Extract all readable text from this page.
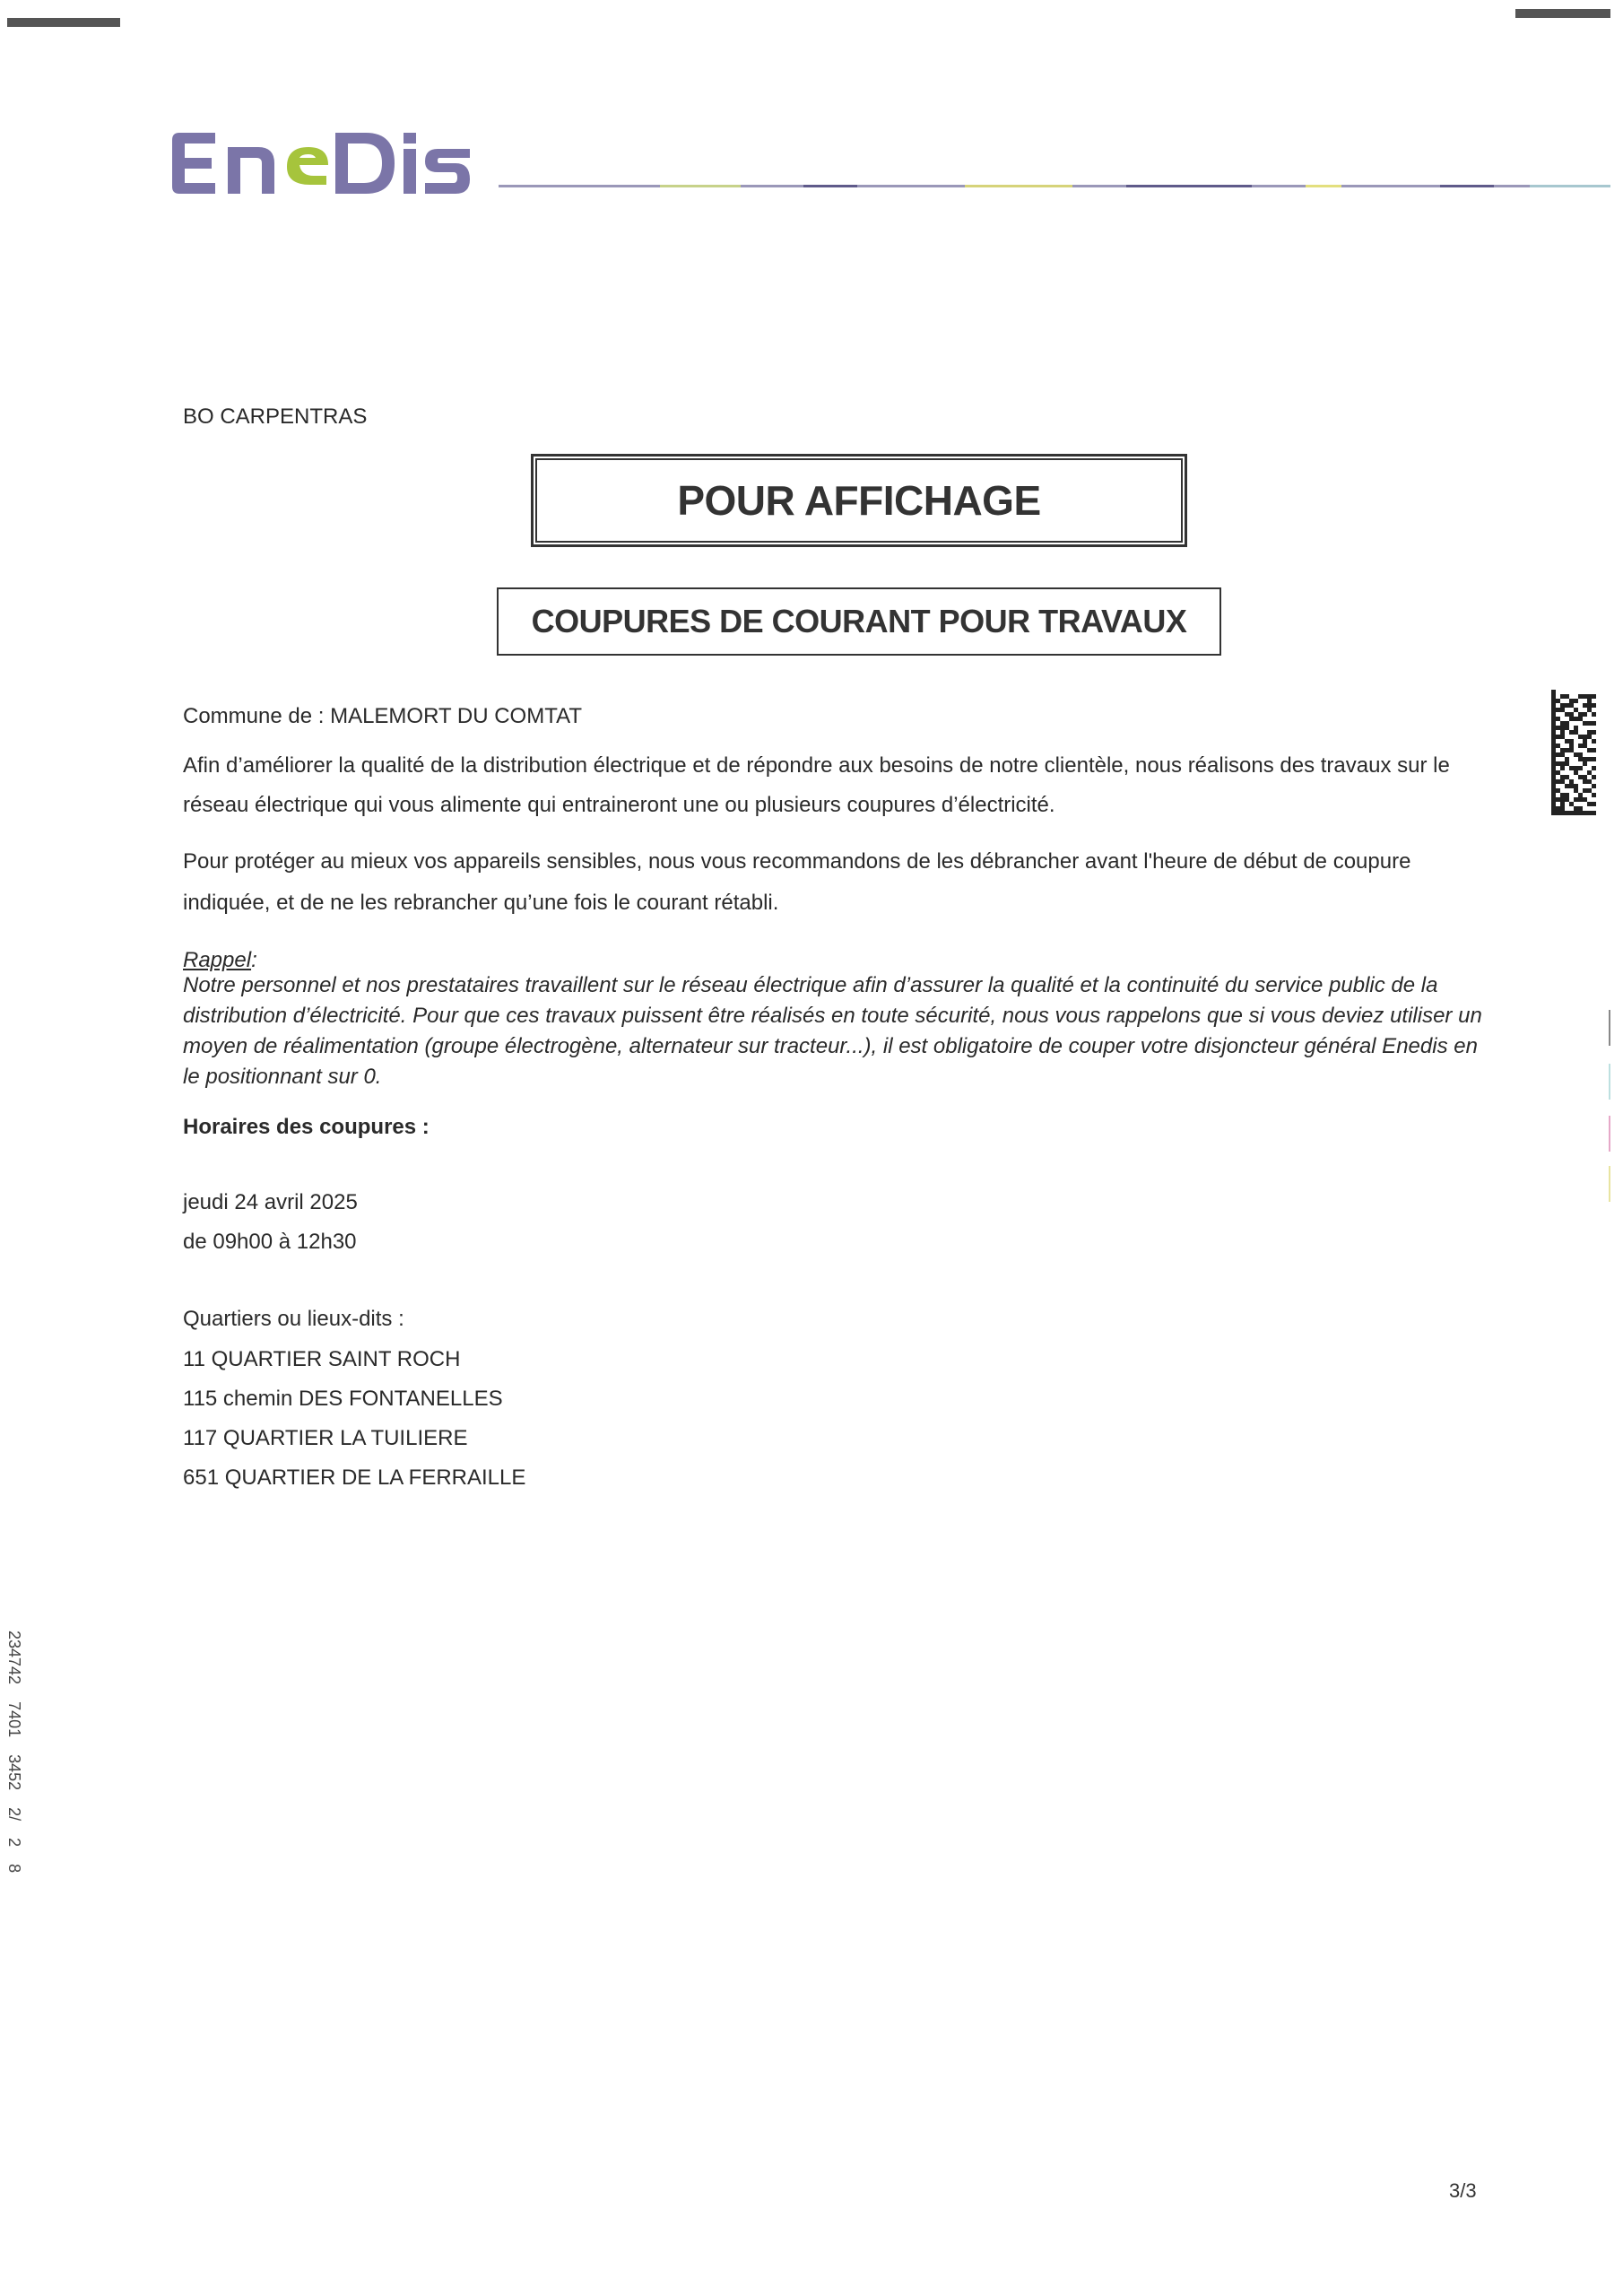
BO CARPENTRAS
POUR AFFICHAGE
COUPURES DE COURANT POUR TRAVAUX
Commune de : MALEMORT DU COMTAT
Afin d’améliorer la qualité de la distribution électrique et de répondre aux besoins de notre clientèle, nous réalisons des travaux sur le réseau électrique qui vous alimente qui entraineront une ou plusieurs coupures d’électricité.
Pour protéger au mieux vos appareils sensibles, nous vous recommandons de les débrancher avant l'heure de début de coupure indiquée, et de ne les rebrancher qu’une fois le courant rétabli.
Rappel:
Notre personnel et nos prestataires travaillent sur le réseau électrique afin d’assurer la qualité et la continuité du service public de la distribution d’électricité. Pour que ces travaux puissent être réalisés en toute sécurité, nous vous rappelons que si vous deviez utiliser un moyen de réalimentation (groupe électrogène, alternateur sur tracteur...), il est obligatoire de couper votre disjoncteur général Enedis en le positionnant sur 0.
Horaires des coupures :
jeudi 24 avril 2025
de 09h00 à 12h30
Quartiers ou lieux-dits :
11 QUARTIER SAINT ROCH
115 chemin DES FONTANELLES
117 QUARTIER LA TUILIERE
651 QUARTIER DE LA FERRAILLE
234742 7401 3452 2/ 2 8
3/3
